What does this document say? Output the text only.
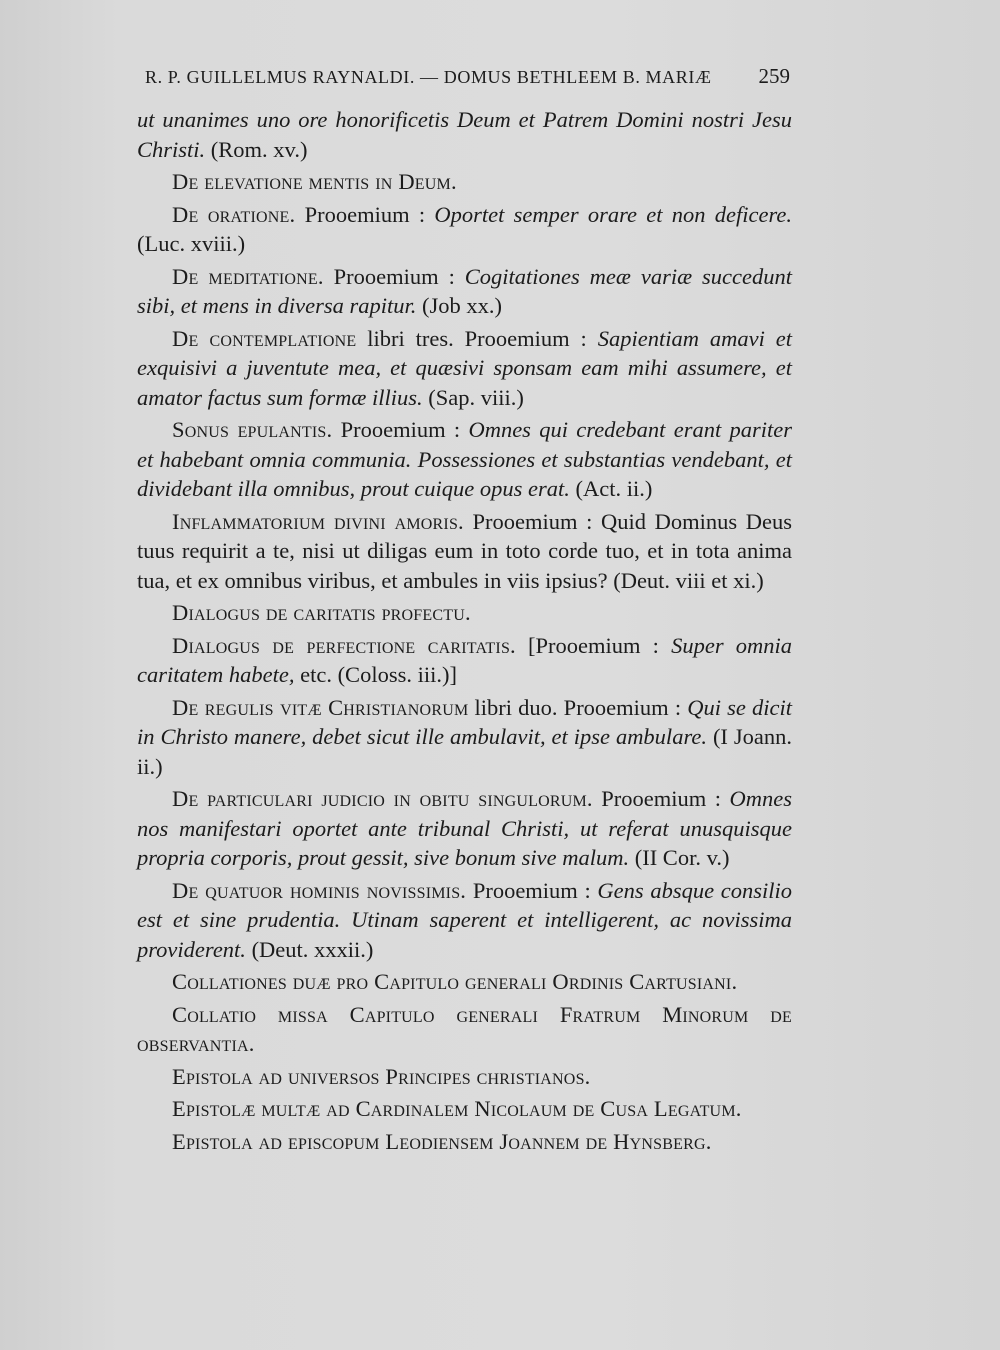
R. P. GUILLELMUS RAYNALDI. — DOMUS BETHLEEM B. MARIÆ 259

ut unanimes uno ore honorificetis Deum et Patrem Domini nostri Jesu Christi. (Rom. xv.)

De elevatione mentis in Deum.

De oratione. Prooemium : Oportet semper orare et non deficere. (Luc. xviii.)

De meditatione. Prooemium : Cogitationes meæ variæ succedunt sibi, et mens in diversa rapitur. (Job xx.)

De contemplatione libri tres. Prooemium : Sapientiam amavi et exquisivi a juventute mea, et quæsivi sponsam eam mihi assumere, et amator factus sum formæ illius. (Sap. viii.)

Sonus epulantis. Prooemium : Omnes qui credebant erant pariter et habebant omnia communia. Possessiones et substantias vendebant, et dividebant illa omnibus, prout cuique opus erat. (Act. ii.)

Inflammatorium divini amoris. Prooemium : Quid Dominus Deus tuus requirit a te, nisi ut diligas eum in toto corde tuo, et in tota anima tua, et ex omnibus viribus, et ambules in viis ipsius? (Deut. viii et xi.)

Dialogus de caritatis profectu.

Dialogus de perfectione caritatis. [Prooemium : Super omnia caritatem habete, etc. (Coloss. iii.)]

De regulis vitæ Christianorum libri duo. Prooemium : Qui se dicit in Christo manere, debet sicut ille ambulavit, et ipse ambulare. (I Joann. ii.)

De particulari judicio in obitu singulorum. Prooemium : Omnes nos manifestari oportet ante tribunal Christi, ut referat unusquisque propria corporis, prout gessit, sive bonum sive malum. (II Cor. v.)

De quatuor hominis novissimis. Prooemium : Gens absque consilio est et sine prudentia. Utinam saperent et intelligerent, ac novissima providerent. (Deut. xxxii.)

Collationes duæ pro Capitulo generali Ordinis Cartusiani.

Collatio missa Capitulo generali Fratrum Minorum de observantia.

Epistola ad universos Principes christianos.

Epistolæ multæ ad Cardinalem Nicolaum de Cusa Legatum.

Epistola ad episcopum Leodiensem Joannem de Hynsberg.
